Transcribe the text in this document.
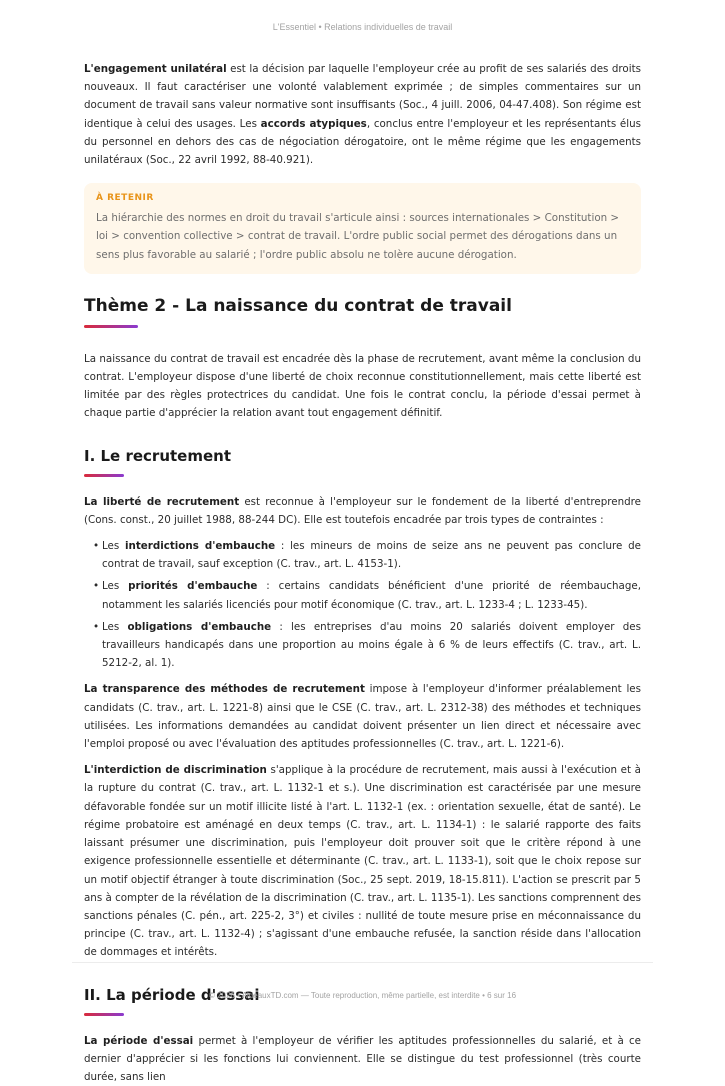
L'Essentiel • Relations individuelles de travail

L'engagement unilatéral est la décision par laquelle l'employeur crée au profit de ses salariés des droits nouveaux. Il faut caractériser une volonté valablement exprimée ; de simples commentaires sur un document de travail sans valeur normative sont insuffisants (Soc., 4 juill. 2006, 04-47.408). Son régime est identique à celui des usages. Les accords atypiques, conclus entre l'employeur et les représentants élus du personnel en dehors des cas de négociation dérogatoire, ont le même régime que les engagements unilatéraux (Soc., 22 avril 1992, 88-40.921).

À RETENIR

La hiérarchie des normes en droit du travail s'articule ainsi : sources internationales > Constitution > loi > convention collective > contrat de travail. L'ordre public social permet des dérogations dans un sens plus favorable au salarié ; l'ordre public absolu ne tolère aucune dérogation.

Thème 2 - La naissance du contrat de travail

La naissance du contrat de travail est encadrée dès la phase de recrutement, avant même la conclusion du contrat. L'employeur dispose d'une liberté de choix reconnue constitutionnellement, mais cette liberté est limitée par des règles protectrices du candidat. Une fois le contrat conclu, la période d'essai permet à chaque partie d'apprécier la relation avant tout engagement définitif.

I. Le recrutement

La liberté de recrutement est reconnue à l'employeur sur le fondement de la liberté d'entreprendre (Cons. const., 20 juillet 1988, 88-244 DC). Elle est toutefois encadrée par trois types de contraintes :

• Les interdictions d'embauche : les mineurs de moins de seize ans ne peuvent pas conclure de contrat de travail, sauf exception (C. trav., art. L. 4153-1).
• Les priorités d'embauche : certains candidats bénéficient d'une priorité de réembauchage, notamment les salariés licenciés pour motif économique (C. trav., art. L. 1233-4 ; L. 1233-45).
• Les obligations d'embauche : les entreprises d'au moins 20 salariés doivent employer des travailleurs handicapés dans une proportion au moins égale à 6 % de leurs effectifs (C. trav., art. L. 5212-2, al. 1).

La transparence des méthodes de recrutement impose à l'employeur d'informer préalablement les candidats (C. trav., art. L. 1221-8) ainsi que le CSE (C. trav., art. L. 2312-38) des méthodes et techniques utilisées. Les informations demandées au candidat doivent présenter un lien direct et nécessaire avec l'emploi proposé ou avec l'évaluation des aptitudes professionnelles (C. trav., art. L. 1221-6).

L'interdiction de discrimination s'applique à la procédure de recrutement, mais aussi à l'exécution et à la rupture du contrat (C. trav., art. L. 1132-1 et s.). Une discrimination est caractérisée par une mesure défavorable fondée sur un motif illicite listé à l'art. L. 1132-1 (ex. : orientation sexuelle, état de santé). Le régime probatoire est aménagé en deux temps (C. trav., art. L. 1134-1) : le salarié rapporte des faits laissant présumer une discrimination, puis l'employeur doit prouver soit que le critère répond à une exigence professionnelle essentielle et déterminante (C. trav., art. L. 1133-1), soit que le choix repose sur un motif objectif étranger à toute discrimination (Soc., 25 sept. 2019, 18-15.811). L'action se prescrit par 5 ans à compter de la révélation de la discrimination (C. trav., art. L. 1135-1). Les sanctions comprennent des sanctions pénales (C. pén., art. 225-2, 3°) et civiles : nullité de toute mesure prise en méconnaissance du principe (C. trav., art. L. 1132-4) ; s'agissant d'une embauche refusée, la sanction réside dans l'allocation de dommages et intérêts.

II. La période d'essai

La période d'essai permet à l'employeur de vérifier les aptitudes professionnelles du salarié, et à ce dernier d'apprécier si les fonctions lui conviennent. Elle se distingue du test professionnel (très courte durée, sans lien

© 2026 • AideauxTD.com — Toute reproduction, même partielle, est interdite • 6 sur 16
